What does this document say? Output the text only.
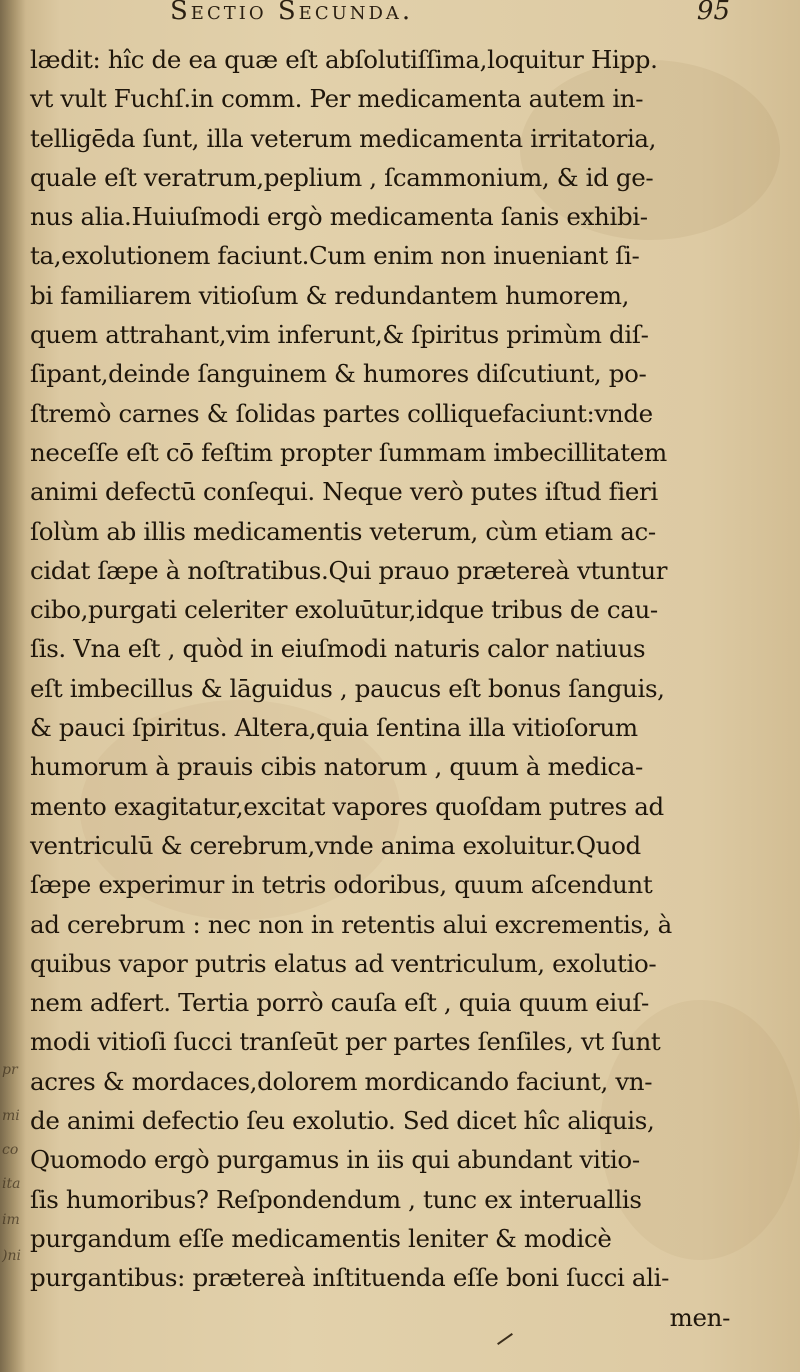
pr
mi
co
ita
im
)ni
Sectio Secunda.	95
lædit: hîc de ea quæ eſt abſolutiſſima,loquitur Hipp.
vt vult Fuchſ.in comm. Per medicamenta autem in-
telligēda ſunt, illa veterum medicamenta irritatoria,
quale eſt veratrum,peplium , ſcammonium, & id ge-
nus alia.Huiuſmodi ergò medicamenta ſanis exhibi-
ta,exolutionem faciunt.Cum enim non inueniant ſi-
bi familiarem vitioſum & redundantem humorem,
quem attrahant,vim inferunt,& ſpiritus primùm diſ-
ſipant,deinde ſanguinem & humores diſcutiunt, po-
ſtremò carnes & ſolidas partes colliquefaciunt:vnde
neceſſe eſt cō feſtim propter ſummam imbecillitatem
animi defectū conſequi. Neque verò putes iſtud fieri
ſolùm ab illis medicamentis veterum, cùm etiam ac-
cidat ſæpe à noſtratibus.Qui prauo prætereà vtuntur
cibo,purgati celeriter exoluūtur,idque tribus de cau-
ſis. Vna eſt , quòd in eiuſmodi naturis calor natiuus
eſt imbecillus & lāguidus , paucus eſt bonus ſanguis,
& pauci ſpiritus. Altera,quia ſentina illa vitioſorum
humorum à prauis cibis natorum , quum à medica-
mento exagitatur,excitat vapores quoſdam putres ad
ventriculū & cerebrum,vnde anima exoluitur.Quod
ſæpe experimur in tetris odoribus, quum aſcendunt
ad cerebrum : nec non in retentis alui excrementis, à
quibus vapor putris elatus ad ventriculum, exolutio-
nem adfert. Tertia porrò cauſa eſt , quia quum eiuſ-
modi vitioſi ſucci tranſeūt per partes ſenſiles, vt ſunt
acres & mordaces,dolorem mordicando faciunt, vn-
de animi defectio ſeu exolutio. Sed dicet hîc aliquis,
Quomodo ergò purgamus in iis qui abundant vitio-
ſis humoribus? Reſpondendum , tunc ex interuallis
purgandum eſſe medicamentis leniter & modicè
purgantibus: prætereà inſtituenda eſſe boni ſucci ali-
men-
